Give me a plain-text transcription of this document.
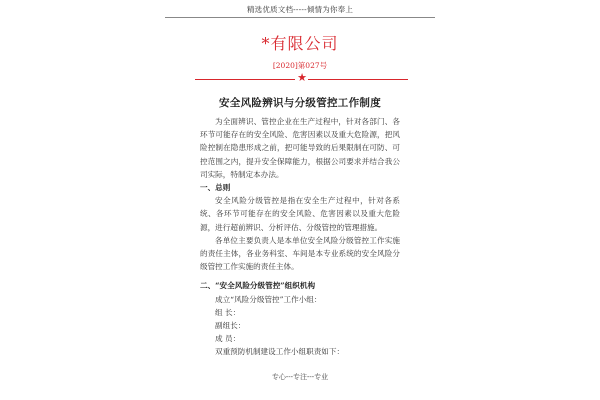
精选优质文档-----倾情为你奉上
*有限公司
[2020]第027号
★
安全风险辨识与分级管控工作制度

为全面辨识、管控企业在生产过程中，针对各部门、各环节可能存在的安全风险、危害因素以及重大危险源，把风险控制在隐患形成之前，把可能导致的后果限制在可防、可控范围之内，提升安全保障能力，根据公司要求并结合我公司实际，特制定本办法。

一、总则

安全风险分级管控是指在安全生产过程中，针对各系统、各环节可能存在的安全风险、危害因素以及重大危险源，进行超前辨识、分析评估、分级管控的管理措施。

各单位主要负责人是本单位安全风险分级管控工作实施的责任主体，各业务科室、车间是本专业系统的安全风险分级管控工作实施的责任主体。

二、“安全风险分级管控”组织机构

成立“风险分级管控”工作小组：

组 长：

副组长：

成 员：

双重预防机制建设工作小组职责如下：

专心---专注---专业
